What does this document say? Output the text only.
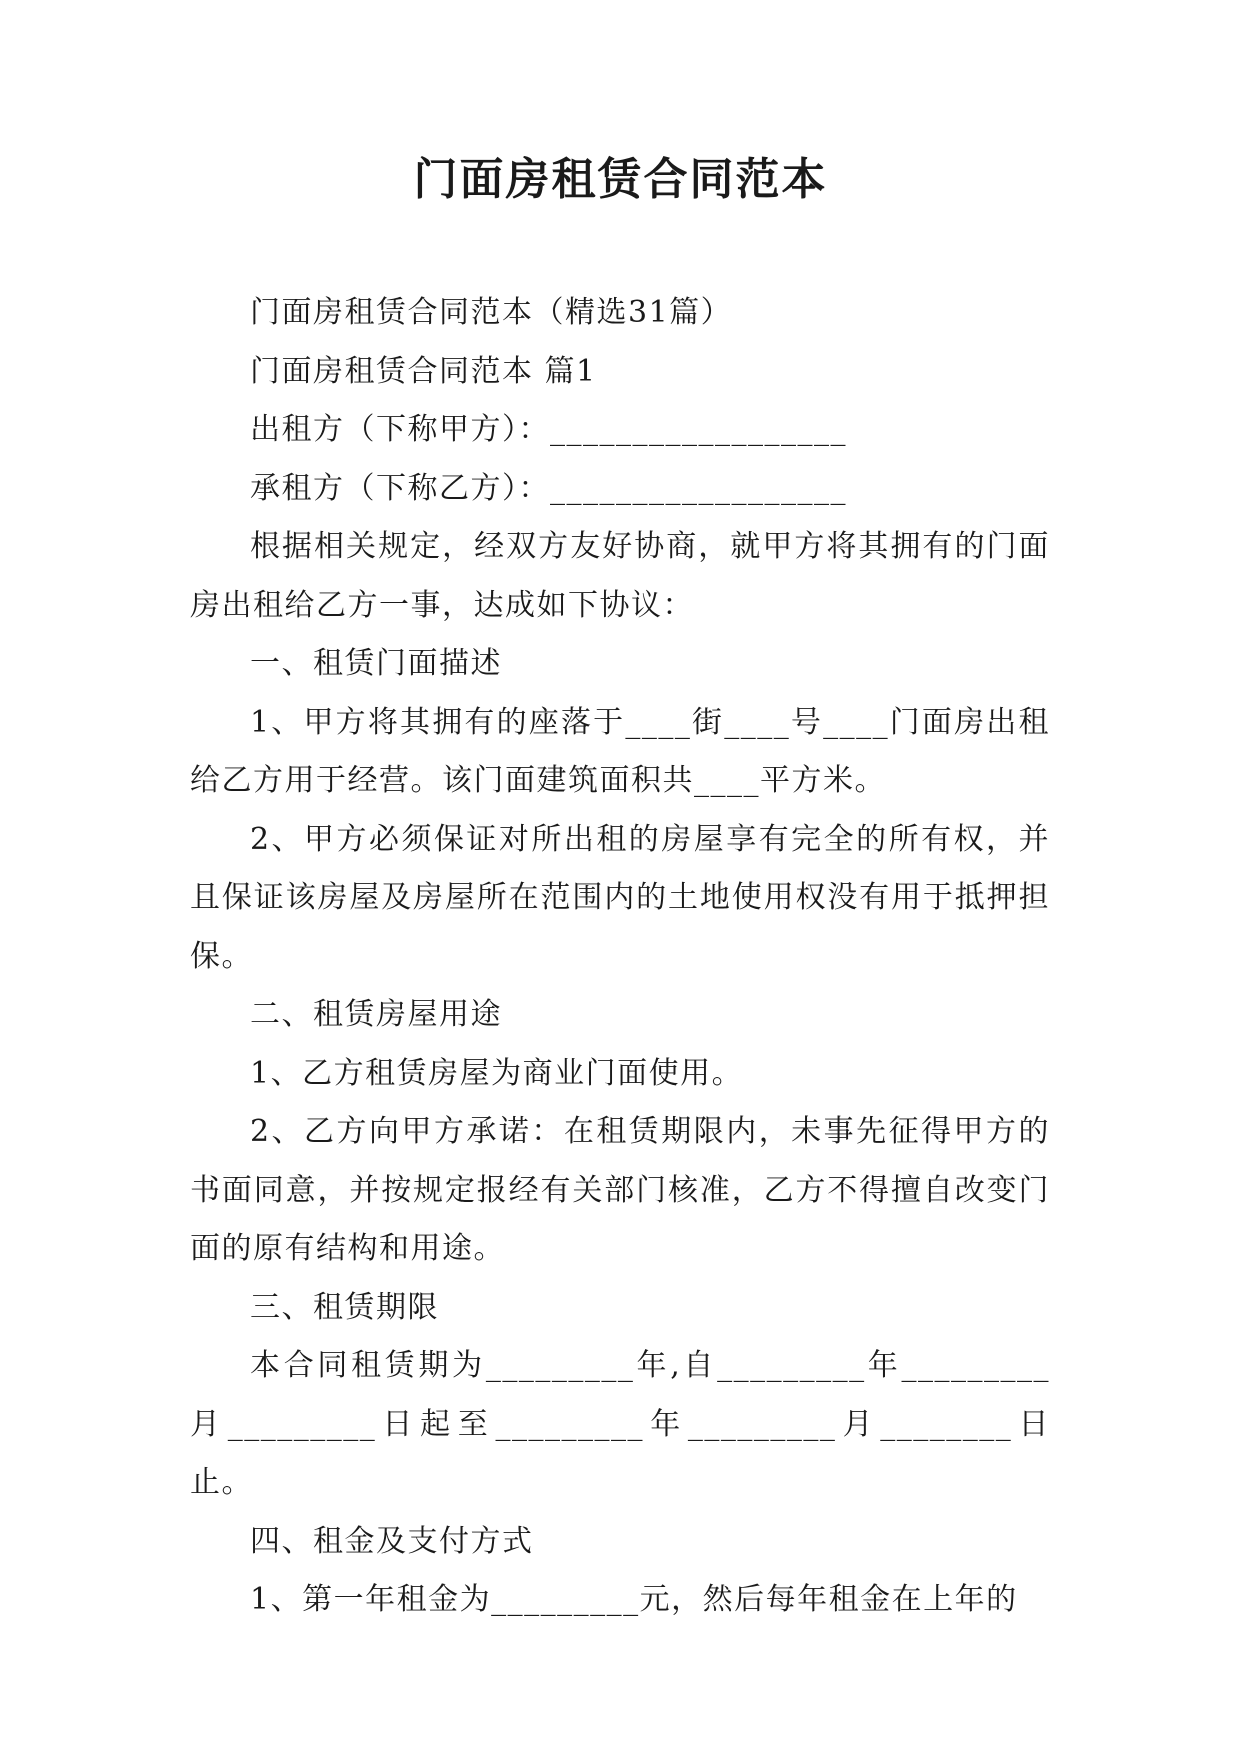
门面房租赁合同范本

门面房租赁合同范本（精选31篇）

门面房租赁合同范本 篇1

出租方（下称甲方）：__________________

承租方（下称乙方）：__________________

根据相关规定，经双方友好协商，就甲方将其拥有的门面房出租给乙方一事，达成如下协议：

一、租赁门面描述

1、甲方将其拥有的座落于____街____号____门面房出租给乙方用于经营。该门面建筑面积共____平方米。

2、甲方必须保证对所出租的房屋享有完全的所有权，并且保证该房屋及房屋所在范围内的土地使用权没有用于抵押担保。

二、租赁房屋用途

1、乙方租赁房屋为商业门面使用。

2、乙方向甲方承诺：在租赁期限内，未事先征得甲方的书面同意，并按规定报经有关部门核准，乙方不得擅自改变门面的原有结构和用途。

三、租赁期限

本合同租赁期为_________年,自_________年_________月_________日起至_________年_________月________日止。

四、租金及支付方式

1、第一年租金为_________元，然后每年租金在上年的
